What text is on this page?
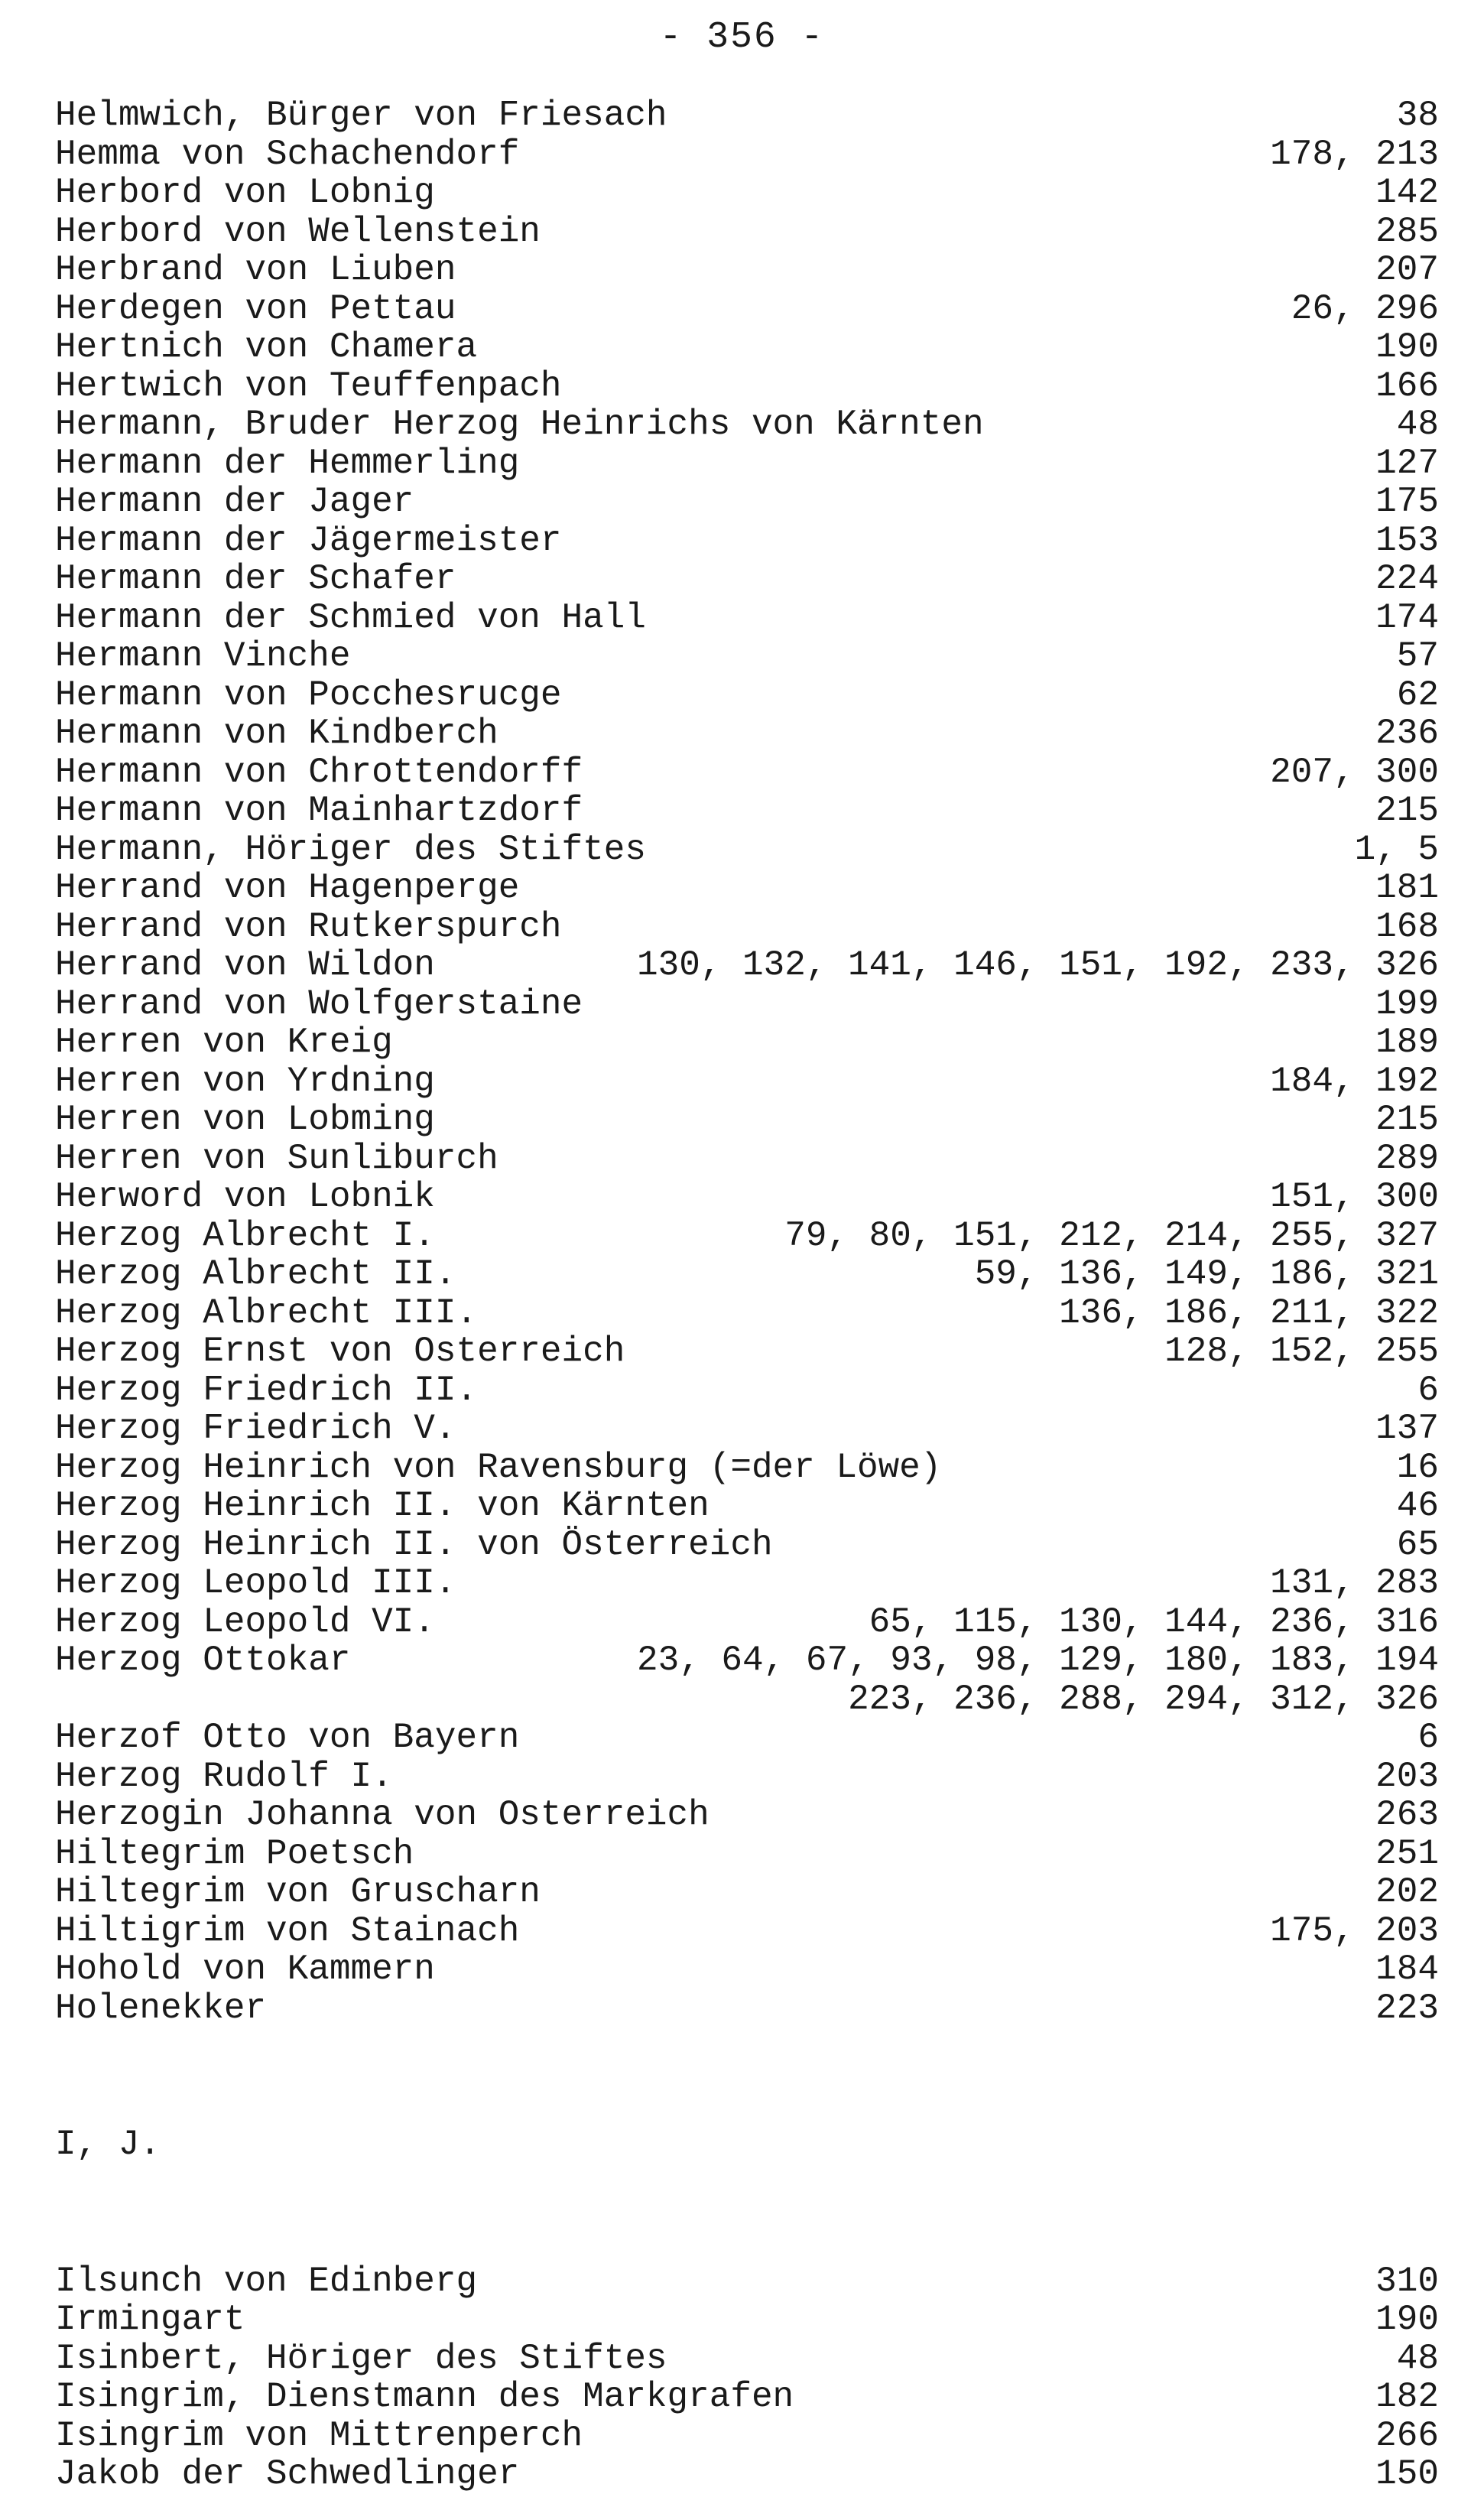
- 356 -
Helmwich, Bürger von Friesach	38
Hemma von Schachendorf	178, 213
Herbord von Lobnig	142
Herbord von Wellenstein	285
Herbrand von Liuben	207
Herdegen von Pettau	26, 296
Hertnich von Chamera	190
Hertwich von Teuffenpach	166
Hermann, Bruder Herzog Heinrichs von Kärnten	48
Hermann der Hemmerling	127
Hermann der Jager	175
Hermann der Jägermeister	153
Hermann der Schafer	224
Hermann der Schmied von Hall	174
Hermann Vinche	57
Hermann von Pocchesrucge	62
Hermann von Kindberch	236
Hermann von Chrottendorff	207, 300
Hermann von Mainhartzdorf	215
Hermann, Höriger des Stiftes	1, 5
Herrand von Hagenperge	181
Herrand von Rutkerspurch	168
Herrand von Wildon	130, 132, 141, 146, 151, 192, 233, 326
Herrand von Wolfgerstaine	199
Herren von Kreig	189
Herren von Yrdning	184, 192
Herren von Lobming	215
Herren von Sunliburch	289
Herword von Lobnik	151, 300
Herzog Albrecht I.	79, 80, 151, 212, 214, 255, 327
Herzog Albrecht II.	59, 136, 149, 186, 321
Herzog Albrecht III.	136, 186, 211, 322
Herzog Ernst von Osterreich	128, 152, 255
Herzog Friedrich II.	6
Herzog Friedrich V.	137
Herzog Heinrich von Ravensburg (=der Löwe)	16
Herzog Heinrich II. von Kärnten	46
Herzog Heinrich II. von Österreich	65
Herzog Leopold III.	131, 283
Herzog Leopold VI.	65, 115, 130, 144, 236, 316
Herzog Ottokar	23, 64, 67, 93, 98, 129, 180, 183, 194
223, 236, 288, 294, 312, 326
Herzof Otto von Bayern	6
Herzog Rudolf I.	203
Herzogin Johanna von Osterreich	263
Hiltegrim Poetsch	251
Hiltegrim von Gruscharn	202
Hiltigrim von Stainach	175, 203
Hohold von Kammern	184
Holenekker	223
I, J.
Ilsunch von Edinberg	310
Irmingart	190
Isinbert, Höriger des Stiftes	48
Isingrim, Dienstmann des Markgrafen	182
Isingrim von Mittrenperch	266
Jakob der Schwedlinger	150
